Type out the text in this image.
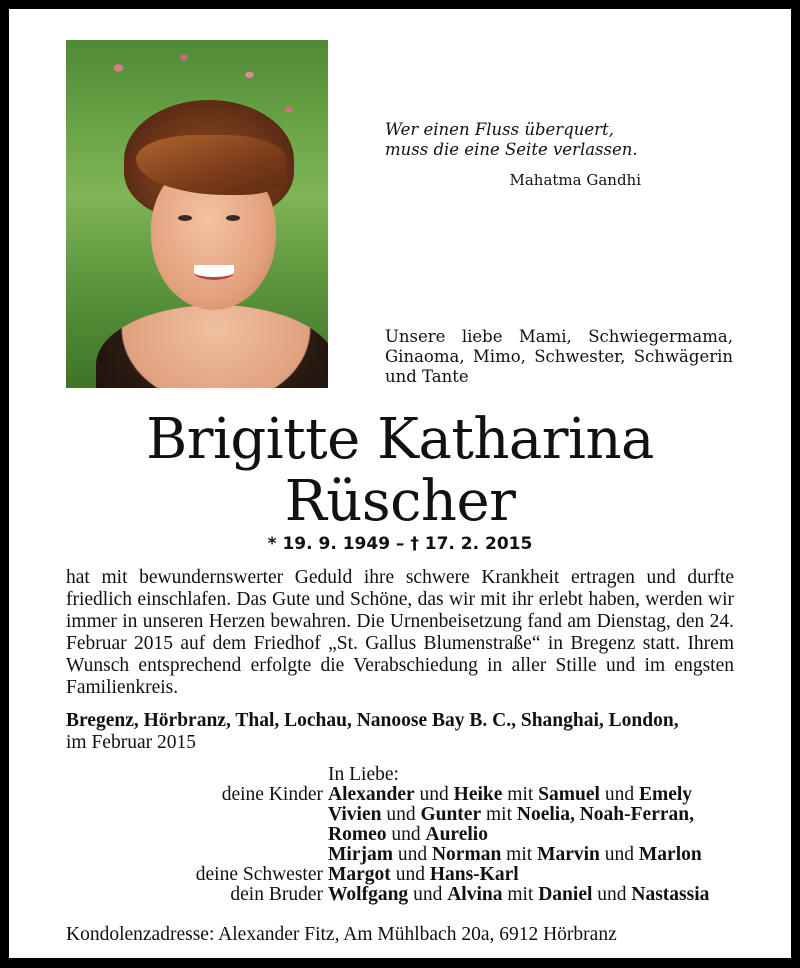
Wer einen Fluss überquert,
muss die eine Seite verlassen.
Mahatma Gandhi
Unsere liebe Mami, Schwiegermama, Ginaoma, Mimo, Schwester, Schwägerin und Tante
Brigitte Katharina
Rüscher
* 19. 9. 1949 – † 17. 2. 2015
hat mit bewundernswerter Geduld ihre schwere Krankheit ertragen und durfte friedlich einschlafen. Das Gute und Schöne, das wir mit ihr erlebt haben, werden wir immer in unseren Herzen bewahren. Die Urnenbeisetzung fand am Dienstag, den 24. Februar 2015 auf dem Friedhof „St. Gallus Blumenstraße“ in Bregenz statt. Ihrem Wunsch entsprechend erfolgte die Verabschiedung in aller Stille und im engsten Familienkreis.
Bregenz, Hörbranz, Thal, Lochau, Nanoose Bay B. C., Shanghai, London,
im Februar 2015
In Liebe:
deine Kinder Alexander und Heike mit Samuel und Emely
Vivien und Gunter mit Noelia, Noah-Ferran,
Romeo und Aurelio
Mirjam und Norman mit Marvin und Marlon
deine Schwester Margot und Hans-Karl
dein Bruder Wolfgang und Alvina mit Daniel und Nastassia
Kondolenzadresse: Alexander Fitz, Am Mühlbach 20a, 6912 Hörbranz
